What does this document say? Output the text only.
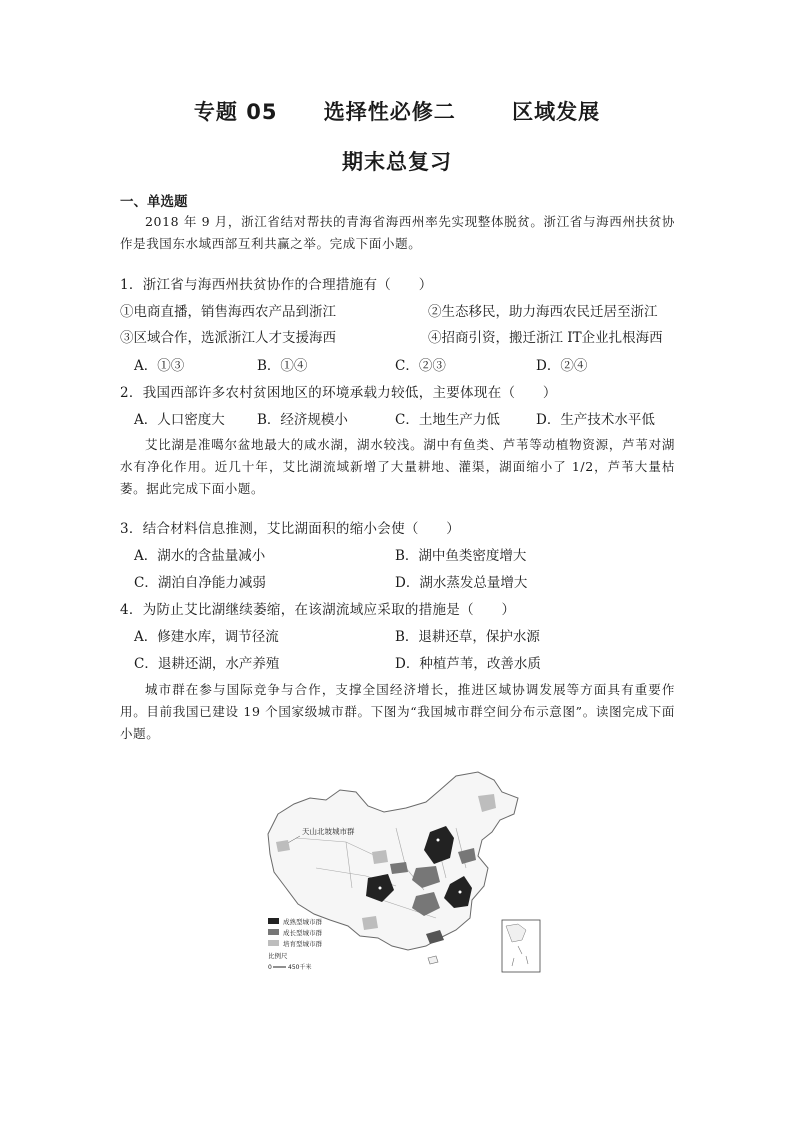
专题 05 选择性必修二	区域发展
期末总复习
一、单选题
2018 年 9 月，浙江省结对帮扶的青海省海西州率先实现整体脱贫。浙江省与海西州扶贫协作是我国东水域西部互利共赢之举。完成下面小题。
1．浙江省与海西州扶贫协作的合理措施有（　　）
①电商直播，销售海西农产品到浙江	②生态移民，助力海西农民迁居至浙江
③区域合作，选派浙江人才支援海西	④招商引资，搬迁浙江 IT企业扎根海西
A．①③	B．①④	C．②③	D．②④
2．我国西部许多农村贫困地区的环境承载力较低，主要体现在（　　）
A．人口密度大 B．经济规模小	C．土地生产力低	D．生产技术水平低
艾比湖是准噶尔盆地最大的咸水湖，湖水较浅。湖中有鱼类、芦苇等动植物资源，芦苇对湖水有净化作用。近几十年，艾比湖流域新增了大量耕地、灌渠，湖面缩小了 1/2，芦苇大量枯萎。据此完成下面小题。
3．结合材料信息推测，艾比湖面积的缩小会使（　　）
A．湖水的含盐量减小	B．湖中鱼类密度增大
C．湖泊自净能力减弱	D．湖水蒸发总量增大
4．为防止艾比湖继续萎缩，在该湖流域应采取的措施是（　　）
A．修建水库，调节径流	B．退耕还草，保护水源
C．退耕还湖，水产养殖	D．种植芦苇，改善水质
城市群在参与国际竞争与合作，支撑全国经济增长，推进区域协调发展等方面具有重要作用。目前我国已建设 19 个国家级城市群。下图为“我国城市群空间分布示意图”。读图完成下面小题。
天山北坡城市群
成熟型城市群
成长型城市群
培育型城市群
比例尺
0	450千米
